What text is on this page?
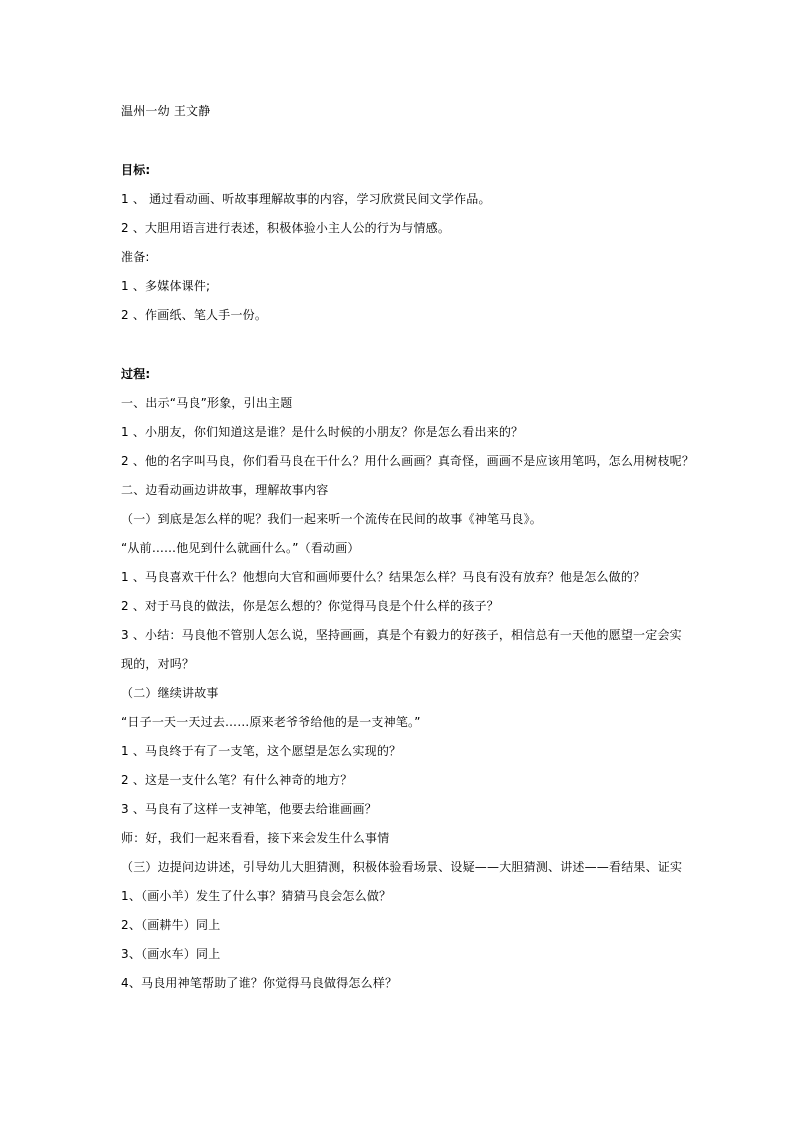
温州一幼 王文静
目标:
1 、 通过看动画、听故事理解故事的内容，学习欣赏民间文学作品。
2 、大胆用语言进行表述，积极体验小主人公的行为与情感。
准备:
1 、多媒体课件;
2 、作画纸、笔人手一份。
过程:
一、出示“马良”形象，引出主题
1 、小朋友，你们知道这是谁？是什么时候的小朋友？你是怎么看出来的？
2 、他的名字叫马良，你们看马良在干什么？用什么画画？真奇怪，画画不是应该用笔吗，怎么用树枝呢？
二、边看动画边讲故事，理解故事内容
（一）到底是怎么样的呢？我们一起来听一个流传在民间的故事《神笔马良》。
“从前……他见到什么就画什么。”（看动画）
1 、马良喜欢干什么？他想向大官和画师要什么？结果怎么样？马良有没有放弃？他是怎么做的？
2 、对于马良的做法，你是怎么想的？你觉得马良是个什么样的孩子？
3 、小结：马良他不管别人怎么说，坚持画画，真是个有毅力的好孩子，相信总有一天他的愿望一定会实
现的，对吗？
（二）继续讲故事
“日子一天一天过去……原来老爷爷给他的是一支神笔。”
1 、马良终于有了一支笔，这个愿望是怎么实现的？
2 、这是一支什么笔？有什么神奇的地方？
3 、马良有了这样一支神笔，他要去给谁画画？
师：好，我们一起来看看，接下来会发生什么事情
（三）边提问边讲述，引导幼儿大胆猜测，积极体验看场景、设疑——大胆猜测、讲述——看结果、证实
1、（画小羊）发生了什么事？猜猜马良会怎么做？
2、（画耕牛）同上
3、（画水车）同上
4、马良用神笔帮助了谁？你觉得马良做得怎么样？
